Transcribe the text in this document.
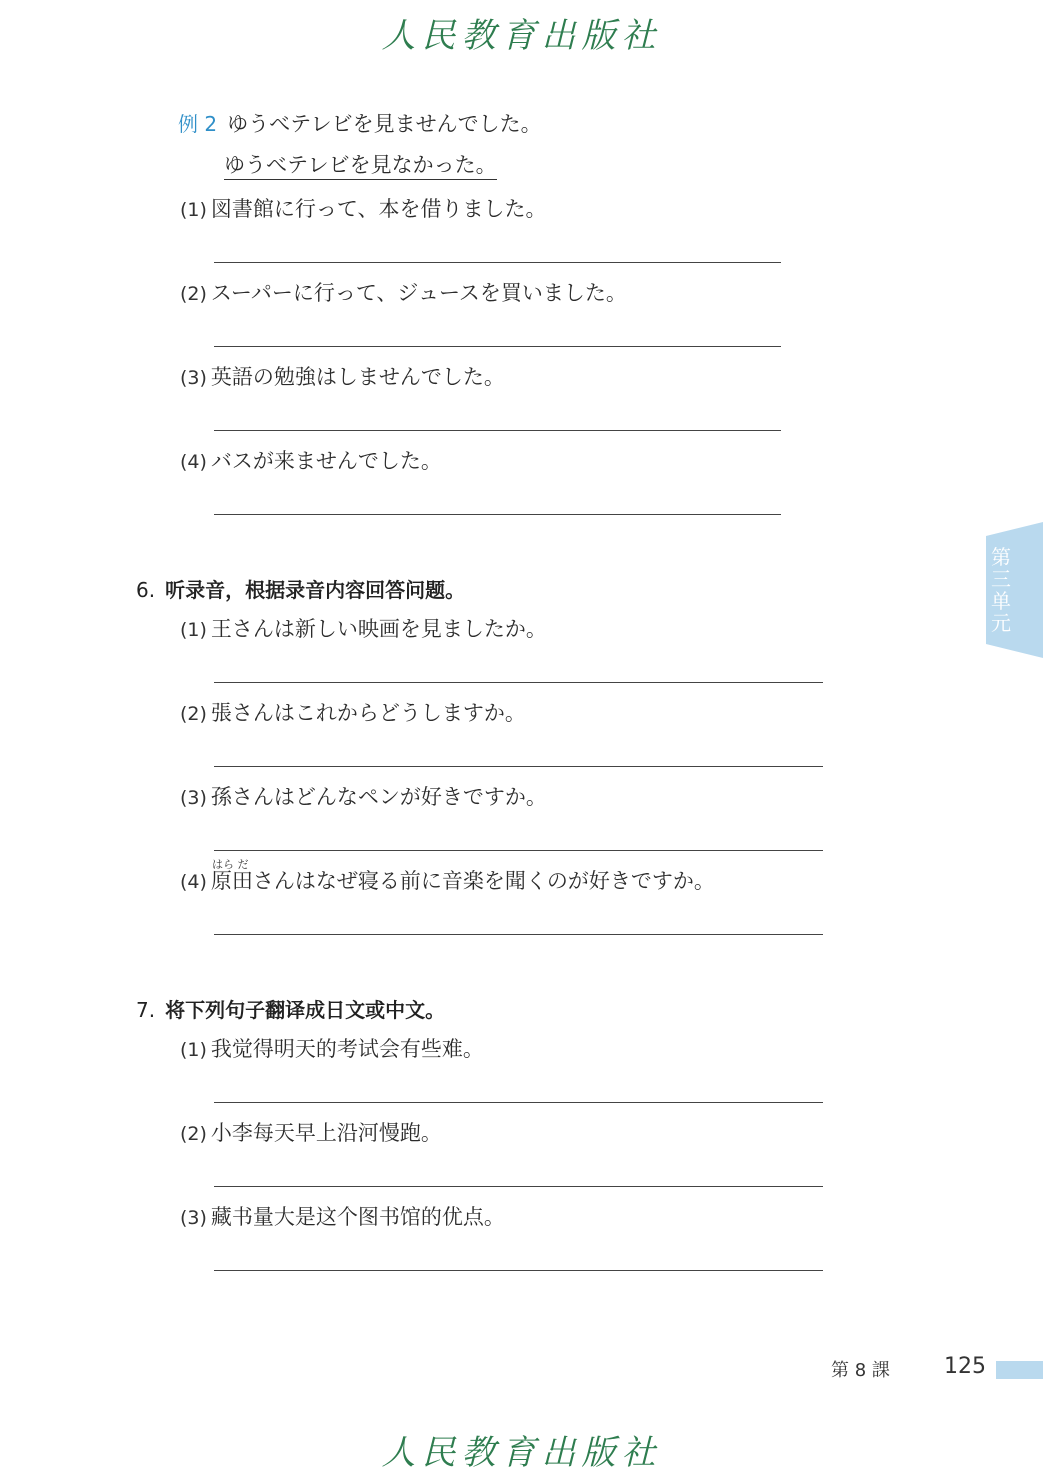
人民教育出版社
例 2 ゆうべテレビを見ませんでした。
ゆうべテレビを見なかった。
(1) 図書館に行って、本を借りました。
(2) スーパーに行って、ジュースを買いました。
(3) 英語の勉強はしませんでした。
(4) バスが来ませんでした。
6. 听录音，根据录音内容回答问题。
(1) 王さんは新しい映画を見ましたか。
(2) 張さんはこれからどうしますか。
(3) 孫さんはどんなペンが好きですか。
はら だ
(4) 原田さんはなぜ寝る前に音楽を聞くのが好きですか。
7. 将下列句子翻译成日文或中文。
(1) 我觉得明天的考试会有些难。
(2) 小李每天早上沿河慢跑。
(3) 藏书量大是这个图书馆的优点。
第
三
单
元
第 8 課 125
人民教育出版社
